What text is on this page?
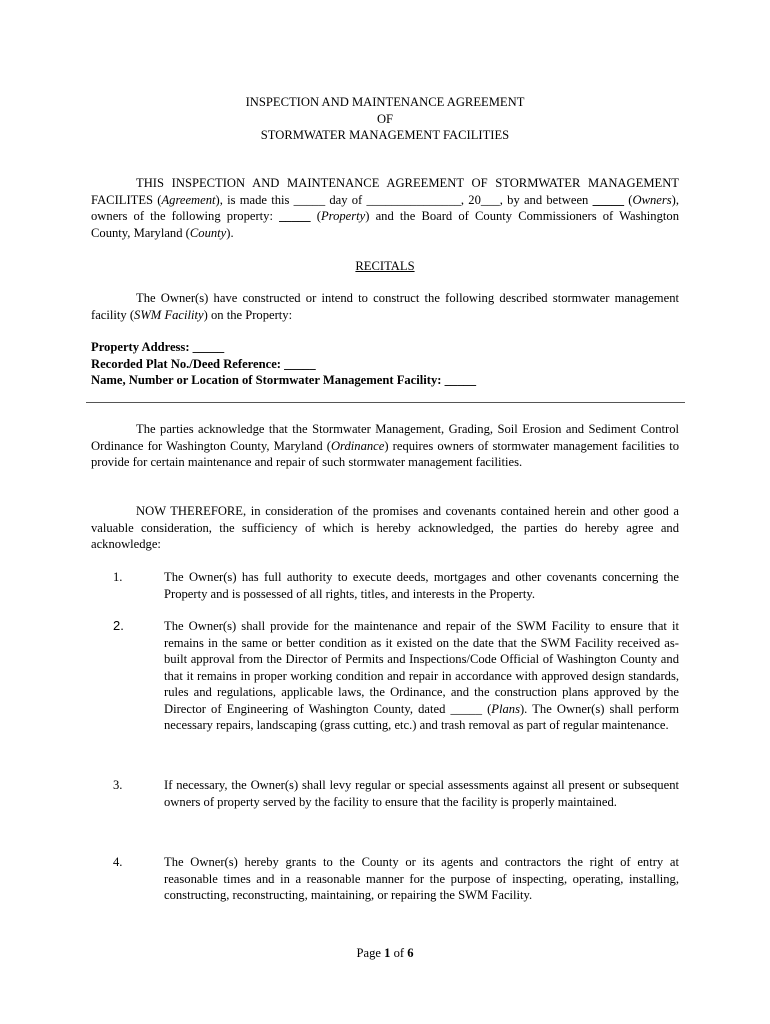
INSPECTION AND MAINTENANCE AGREEMENT
OF
STORMWATER MANAGEMENT FACILITIES
THIS INSPECTION AND MAINTENANCE AGREEMENT OF STORMWATER MANAGEMENT FACILITES (Agreement), is made this _____ day of _______________, 20___, by and between _____ (Owners), owners of the following property: _____ (Property) and the Board of County Commissioners of Washington County, Maryland (County).
RECITALS
The Owner(s) have constructed or intend to construct the following described stormwater management facility (SWM Facility) on the Property:
Property Address: _____
Recorded Plat No./Deed Reference: _____
Name, Number or Location of Stormwater Management Facility: _____
The parties acknowledge that the Stormwater Management, Grading, Soil Erosion and Sediment Control Ordinance for Washington County, Maryland (Ordinance) requires owners of stormwater management facilities to provide for certain maintenance and repair of such stormwater management facilities.
NOW THEREFORE, in consideration of the promises and covenants contained herein and other good a valuable consideration, the sufficiency of which is hereby acknowledged, the parties do hereby agree and acknowledge:
1.	The Owner(s) has full authority to execute deeds, mortgages and other covenants concerning the Property and is possessed of all rights, titles, and interests in the Property.
2.	The Owner(s) shall provide for the maintenance and repair of the SWM Facility to ensure that it remains in the same or better condition as it existed on the date that the SWM Facility received as-built approval from the Director of Permits and Inspections/Code Official of Washington County and that it remains in proper working condition and repair in accordance with approved design standards, rules and regulations, applicable laws, the Ordinance, and the construction plans approved by the Director of Engineering of Washington County, dated _____ (Plans). The Owner(s) shall perform necessary repairs, landscaping (grass cutting, etc.) and trash removal as part of regular maintenance.
3.	If necessary, the Owner(s) shall levy regular or special assessments against all present or subsequent owners of property served by the facility to ensure that the facility is properly maintained.
4.	The Owner(s) hereby grants to the County or its agents and contractors the right of entry at reasonable times and in a reasonable manner for the purpose of inspecting, operating, installing, constructing, reconstructing, maintaining, or repairing the SWM Facility.
Page 1 of 6
